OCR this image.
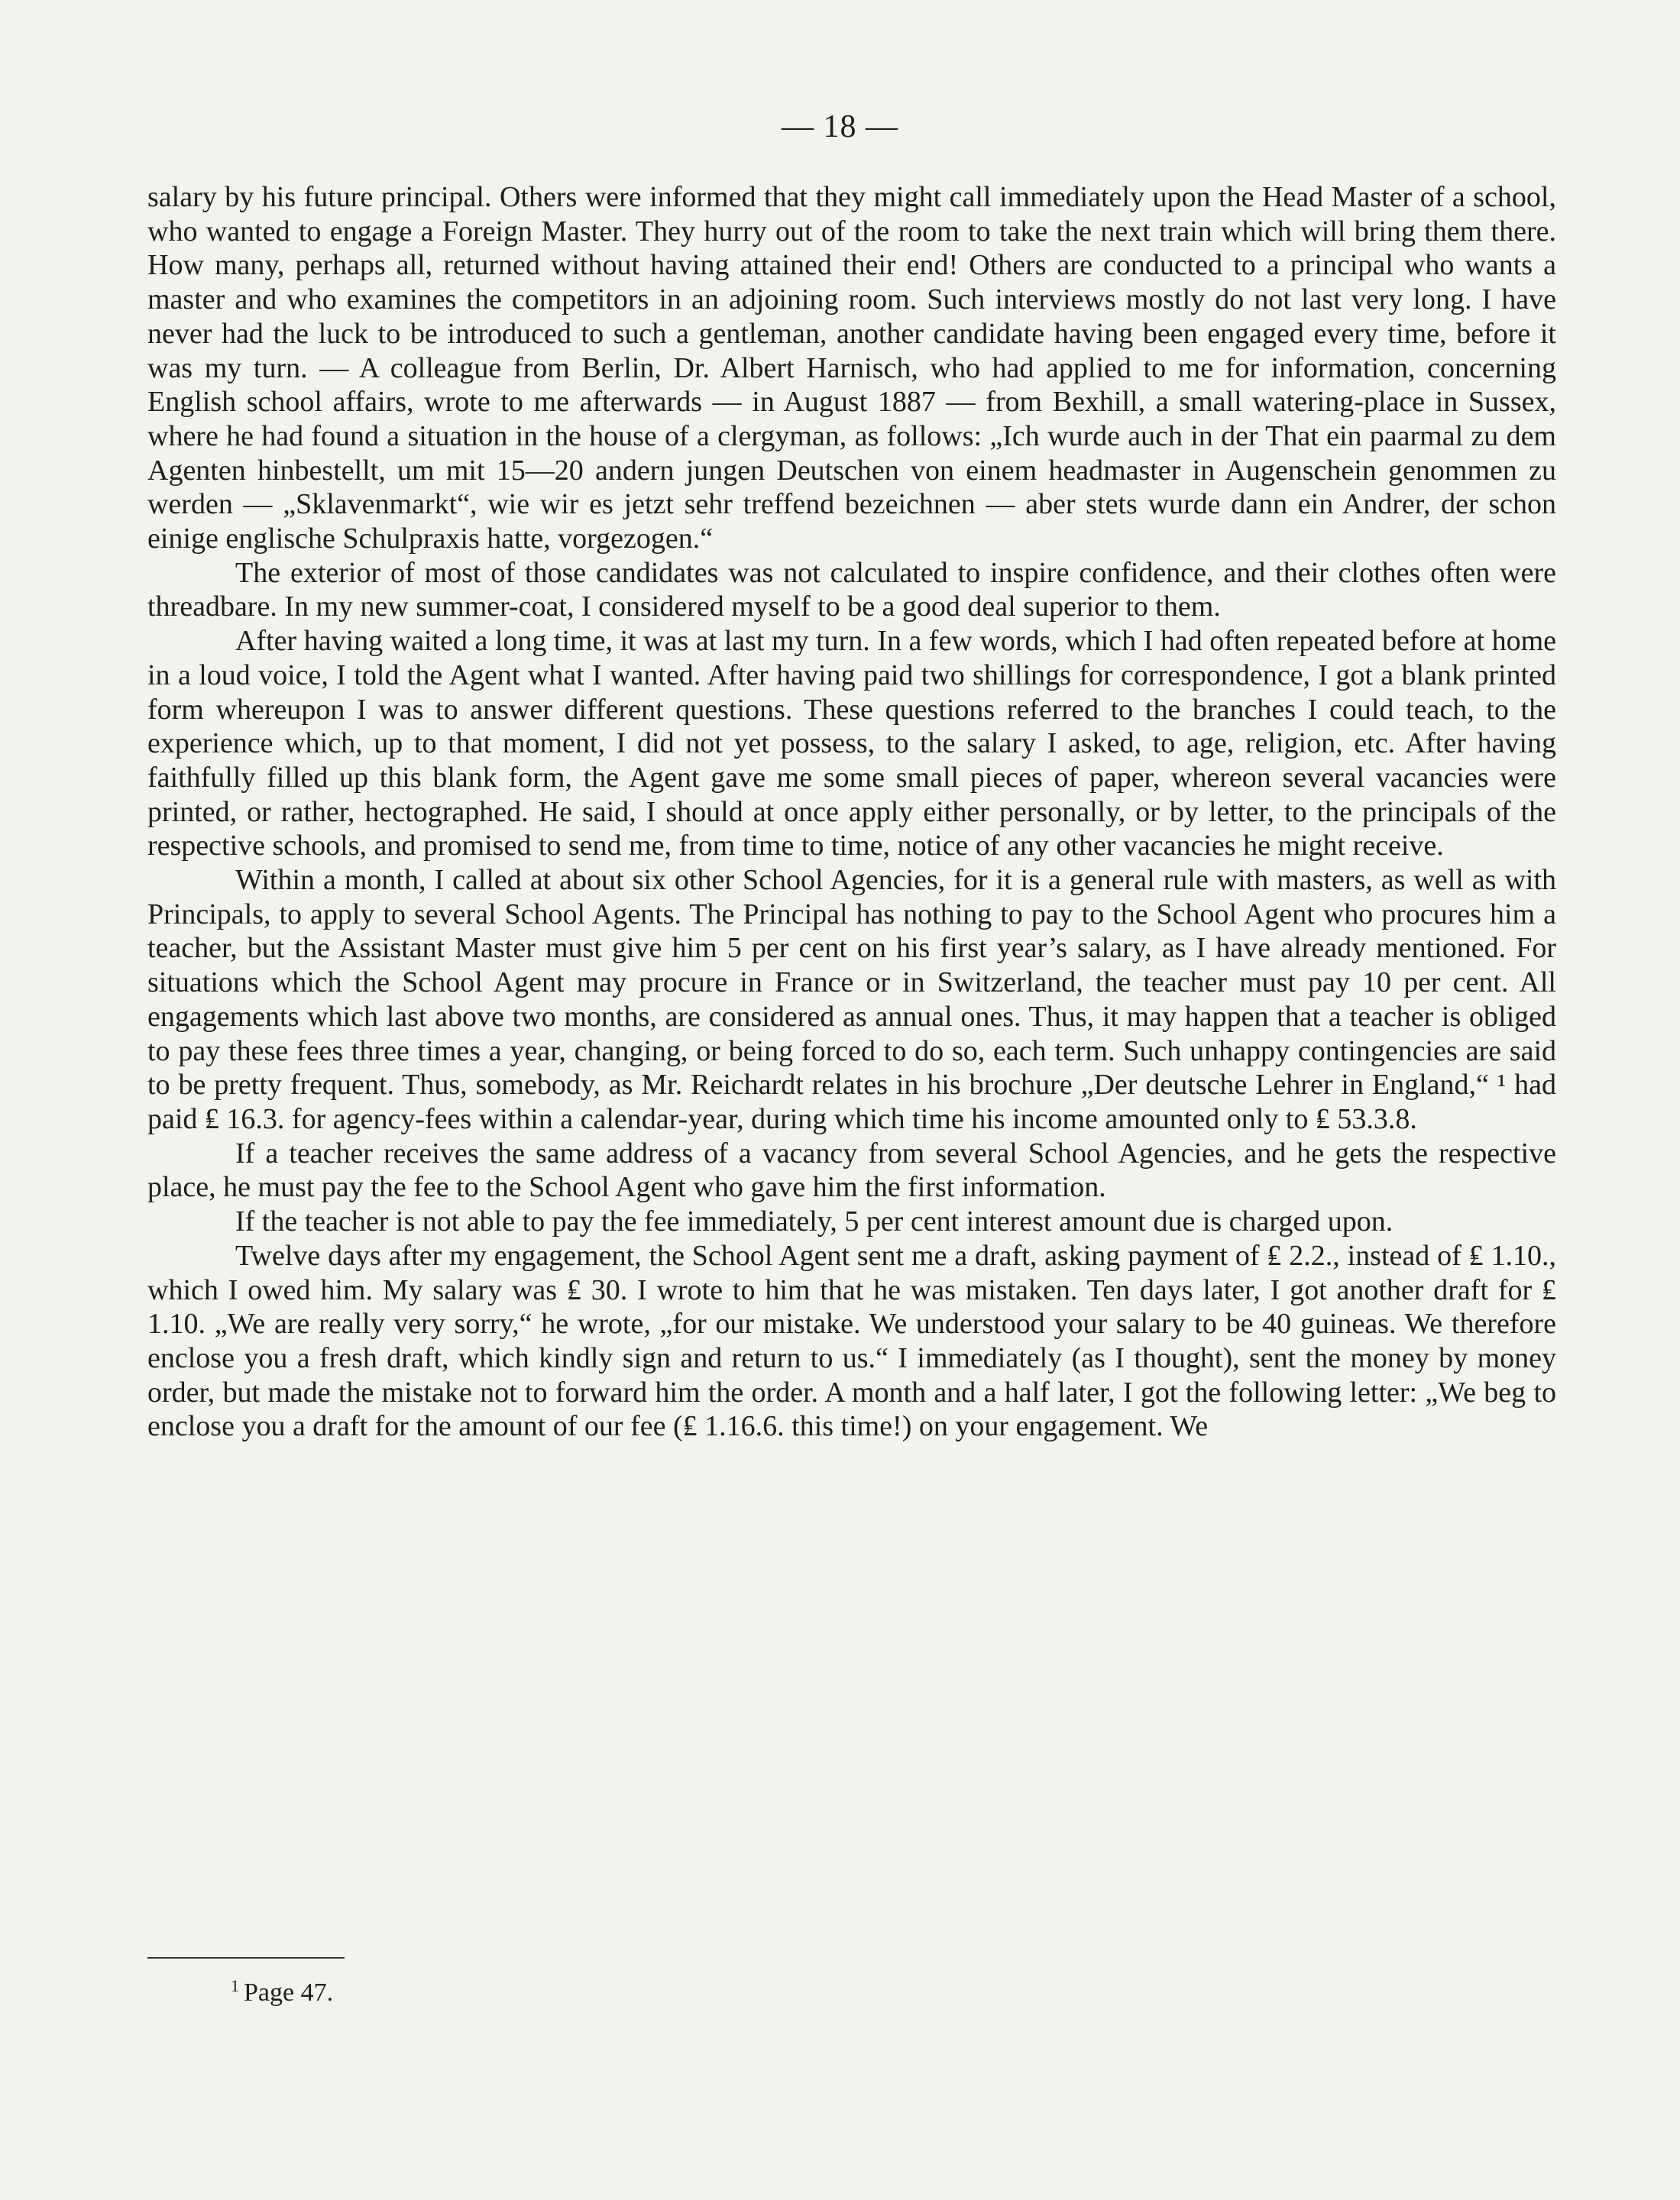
— 18 —

salary by his future principal. Others were informed that they might call immediately upon the Head Master of a school, who wanted to engage a Foreign Master. They hurry out of the room to take the next train which will bring them there. How many, perhaps all, returned without having attained their end! Others are conducted to a principal who wants a master and who examines the competitors in an adjoining room. Such interviews mostly do not last very long. I have never had the luck to be introduced to such a gentleman, another candidate having been engaged every time, before it was my turn. — A colleague from Berlin, Dr. Albert Harnisch, who had applied to me for information, concerning English school affairs, wrote to me afterwards — in August 1887 — from Bexhill, a small watering-place in Sussex, where he had found a situation in the house of a clergyman, as follows: „Ich wurde auch in der That ein paarmal zu dem Agenten hinbestellt, um mit 15—20 andern jungen Deutschen von einem headmaster in Augenschein genommen zu werden — „Sklavenmarkt“, wie wir es jetzt sehr treffend bezeichnen — aber stets wurde dann ein Andrer, der schon einige englische Schulpraxis hatte, vorgezogen.“

The exterior of most of those candidates was not calculated to inspire confidence, and their clothes often were threadbare. In my new summer-coat, I considered myself to be a good deal superior to them.

After having waited a long time, it was at last my turn. In a few words, which I had often repeated before at home in a loud voice, I told the Agent what I wanted. After having paid two shillings for correspondence, I got a blank printed form whereupon I was to answer different questions. These questions referred to the branches I could teach, to the experience which, up to that moment, I did not yet possess, to the salary I asked, to age, religion, etc. After having faithfully filled up this blank form, the Agent gave me some small pieces of paper, whereon several vacancies were printed, or rather, hectographed. He said, I should at once apply either personally, or by letter, to the principals of the respective schools, and promised to send me, from time to time, notice of any other vacancies he might receive.

Within a month, I called at about six other School Agencies, for it is a general rule with masters, as well as with Principals, to apply to several School Agents. The Principal has nothing to pay to the School Agent who procures him a teacher, but the Assistant Master must give him 5 per cent on his first year’s salary, as I have already mentioned. For situations which the School Agent may procure in France or in Switzerland, the teacher must pay 10 per cent. All engagements which last above two months, are considered as annual ones. Thus, it may happen that a teacher is obliged to pay these fees three times a year, changing, or being forced to do so, each term. Such unhappy contingencies are said to be pretty frequent. Thus, somebody, as Mr. Reichardt relates in his brochure „Der deutsche Lehrer in England,“ ¹ had paid ₤ 16.3. for agency-fees within a calendar-year, during which time his income amounted only to ₤ 53.3.8.

If a teacher receives the same address of a vacancy from several School Agencies, and he gets the respective place, he must pay the fee to the School Agent who gave him the first information.

If the teacher is not able to pay the fee immediately, 5 per cent interest amount due is charged upon.

Twelve days after my engagement, the School Agent sent me a draft, asking payment of ₤ 2.2., instead of ₤ 1.10., which I owed him. My salary was ₤ 30. I wrote to him that he was mistaken. Ten days later, I got another draft for ₤ 1.10. „We are really very sorry,“ he wrote, „for our mistake. We understood your salary to be 40 guineas. We therefore enclose you a fresh draft, which kindly sign and return to us.“ I immediately (as I thought), sent the money by money order, but made the mistake not to forward him the order. A month and a half later, I got the following letter: „We beg to enclose you a draft for the amount of our fee (₤ 1.16.6. this time!) on your engagement. We

$^1$ Page 47.
